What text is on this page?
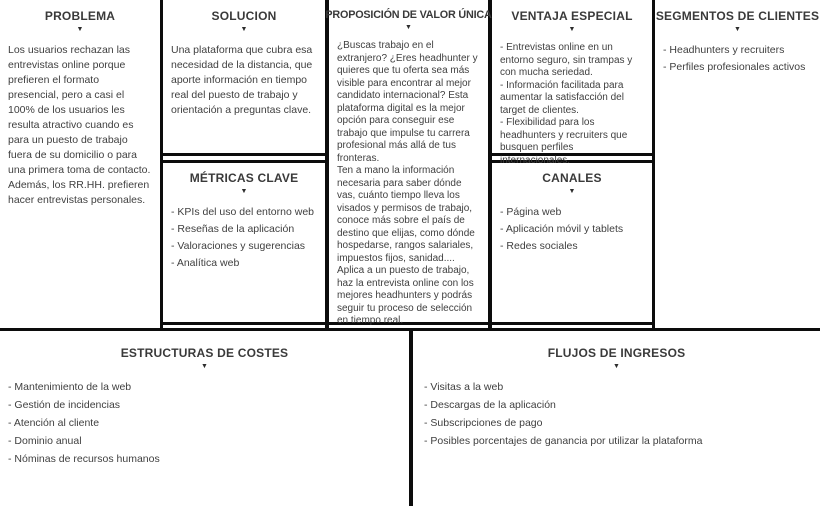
PROBLEMA
▼

Los usuarios rechazan las entrevistas online porque prefieren el formato presencial, pero a casi el 100% de los usuarios les resulta atractivo cuando es para un puesto de trabajo fuera de su domicilio o para una primera toma de contacto.

Además, los RR.HH. prefieren hacer entrevistas personales.

SOLUCION
▼

Una plataforma que cubra esa necesidad de la distancia, que aporte información en tiempo real del puesto de trabajo y orientación a preguntas clave.

MÉTRICAS CLAVE
▼

- KPIs del uso del entorno web

- Reseñas de la aplicación

- Valoraciones y sugerencias

- Analítica web

PROPOSICIÓN DE VALOR ÚNICA
▼

¿Buscas trabajo en el extranjero? ¿Eres headhunter y quieres que tu oferta sea más visible para encontrar al mejor candidato internacional? Esta plataforma digital es la mejor opción para conseguir ese trabajo que impulse tu carrera profesional más allá de tus fronteras.

Ten a mano la información necesaria para saber dónde vas, cuánto tiempo lleva los visados y permisos de trabajo, conoce más sobre el país de destino que elijas, como dónde hospedarse, rangos salariales, impuestos fijos, sanidad....

Aplica a un puesto de trabajo, haz la entrevista online con los mejores headhunters y podrás seguir tu proceso de selección en tiempo real.

VENTAJA ESPECIAL
▼

- Entrevistas online en un entorno seguro, sin trampas y con mucha seriedad.

- Información facilitada para aumentar la satisfacción del target de clientes.

- Flexibilidad para los headhunters y recruiters que busquen perfiles internacionales.

CANALES
▼

- Página web

- Aplicación móvil y tablets

- Redes sociales

SEGMENTOS DE CLIENTES
▼

- Headhunters y recruiters

- Perfiles profesionales activos

ESTRUCTURAS DE COSTES
▼

- Mantenimiento de la web

- Gestión de incidencias

- Atención al cliente

- Dominio anual

- Nóminas de recursos humanos

FLUJOS DE INGRESOS
▼

- Visitas a la web

- Descargas de la aplicación

- Subscripciones de pago

- Posibles porcentajes de ganancia por utilizar la plataforma
